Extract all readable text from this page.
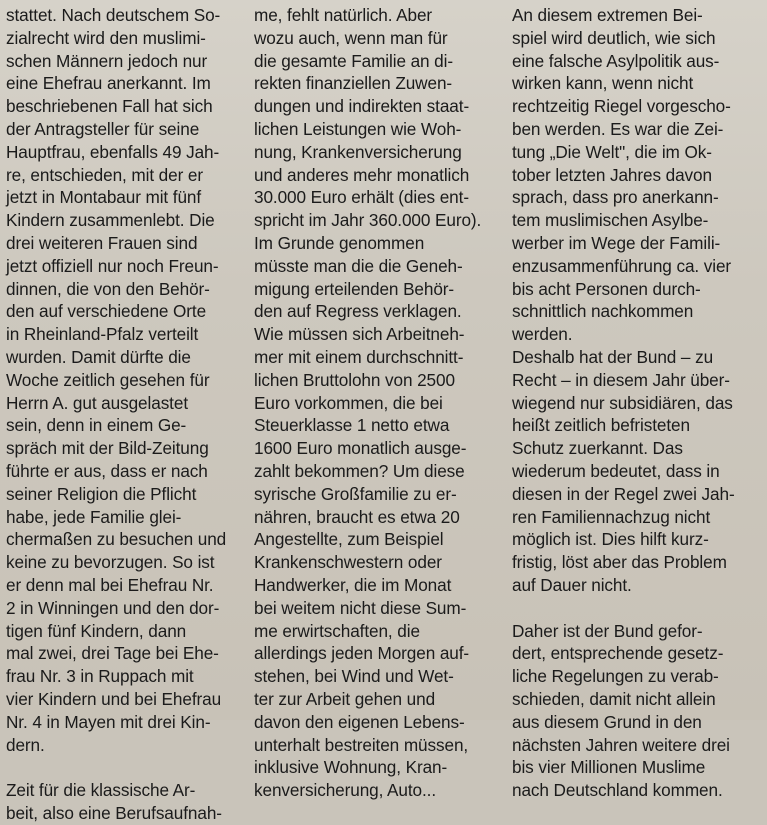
stattet. Nach deutschem So-
zialrecht wird den muslimi-
schen Männern jedoch nur
eine Ehefrau anerkannt. Im
beschriebenen Fall hat sich
der Antragsteller für seine
Hauptfrau, ebenfalls 49 Jah-
re, entschieden, mit der er
jetzt in Montabaur mit fünf
Kindern zusammenlebt. Die
drei weiteren Frauen sind
jetzt offiziell nur noch Freun-
dinnen, die von den Behör-
den auf verschiedene Orte
in Rheinland-Pfalz verteilt
wurden. Damit dürfte die
Woche zeitlich gesehen für
Herrn A. gut ausgelastet
sein, denn in einem Ge-
spräch mit der Bild-Zeitung
führte er aus, dass er nach
seiner Religion die Pflicht
habe, jede Familie glei-
chermaßen zu besuchen und
keine zu bevorzugen. So ist
er denn mal bei Ehefrau Nr.
2 in Winningen und den dor-
tigen fünf Kindern, dann
mal zwei, drei Tage bei Ehe-
frau Nr. 3 in Ruppach mit
vier Kindern und bei Ehefrau
Nr. 4 in Mayen mit drei Kin-
dern.

Zeit für die klassische Ar-
beit, also eine Berufsaufnah-

me, fehlt natürlich. Aber
wozu auch, wenn man für
die gesamte Familie an di-
rekten finanziellen Zuwen-
dungen und indirekten staat-
lichen Leistungen wie Woh-
nung, Krankenversicherung
und anderes mehr monatlich
30.000 Euro erhält (dies ent-
spricht im Jahr 360.000 Euro).

Im Grunde genommen
müsste man die die Geneh-
migung erteilenden Behör-
den auf Regress verklagen.
Wie müssen sich Arbeitneh-
mer mit einem durchschnitt-
lichen Bruttolohn von 2500
Euro vorkommen, die bei
Steuerklasse 1 netto etwa
1600 Euro monatlich ausge-
zahlt bekommen? Um diese
syrische Großfamilie zu er-
nähren, braucht es etwa 20
Angestellte, zum Beispiel
Krankenschwestern oder
Handwerker, die im Monat
bei weitem nicht diese Sum-
me erwirtschaften, die
allerdings jeden Morgen auf-
stehen, bei Wind und Wet-
ter zur Arbeit gehen und
davon den eigenen Lebens-
unterhalt bestreiten müssen,
inklusive Wohnung, Kran-
kenversicherung, Auto...

An diesem extremen Bei-
spiel wird deutlich, wie sich
eine falsche Asylpolitik aus-
wirken kann, wenn nicht
rechtzeitig Riegel vorgescho-
ben werden. Es war die Zei-
tung „Die Welt", die im Ok-
tober letzten Jahres davon
sprach, dass pro anerkann-
tem muslimischen Asylbe-
werber im Wege der Famili-
enzusammenführung ca. vier
bis acht Personen durch-
schnittlich nachkommen
werden.

Deshalb hat der Bund – zu
Recht – in diesem Jahr über-
wiegend nur subsidiären, das
heißt zeitlich befristeten
Schutz zuerkannt. Das
wiederum bedeutet, dass in
diesen in der Regel zwei Jah-
ren Familiennachzug nicht
möglich ist. Dies hilft kurz-
fristig, löst aber das Problem
auf Dauer nicht.

Daher ist der Bund gefor-
dert, entsprechende gesetz-
liche Regelungen zu verab-
schieden, damit nicht allein
aus diesem Grund in den
nächsten Jahren weitere drei
bis vier Millionen Muslime
nach Deutschland kommen.
